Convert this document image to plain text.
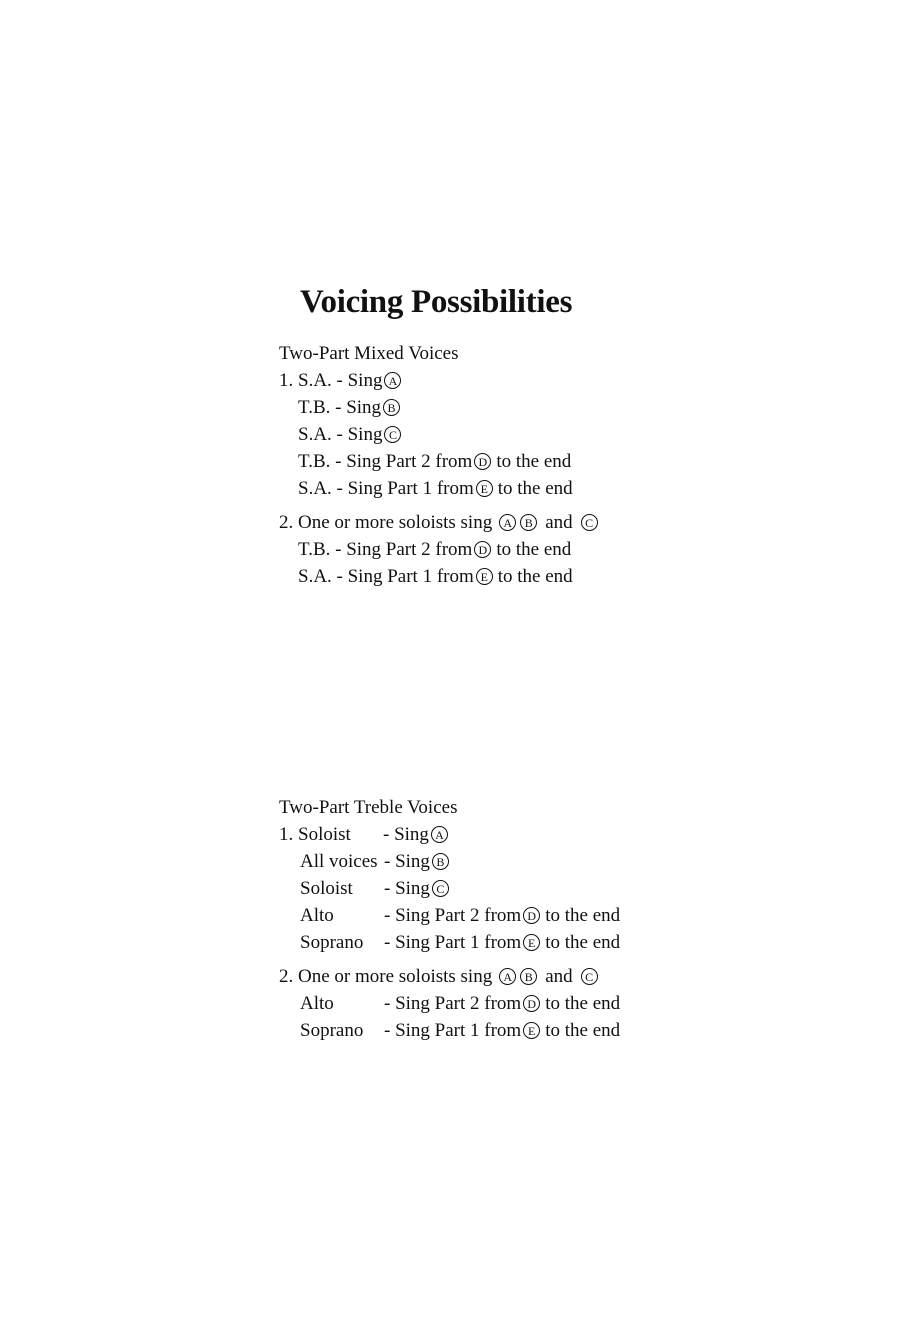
Voicing Possibilities
Two-Part Mixed Voices
1. S.A. - Sing A
T.B. - Sing B
S.A. - Sing C
T.B. - Sing Part 2 from D to the end
S.A. - Sing Part 1 from E to the end
2. One or more soloists sing A	B and	C
T.B. - Sing Part 2 from D to the end
S.A. - Sing Part 1 from E to the end
Two-Part Treble Voices
1. Soloist	- Sing A
All voices - Sing B
Soloist	- Sing C
Alto	- Sing Part 2 from D to the end
Soprano	- Sing Part 1 from E to the end
2. One or more soloists sing A	B and	C
Alto	- Sing Part 2 from D to the end
Soprano	- Sing Part 1 from E to the end
